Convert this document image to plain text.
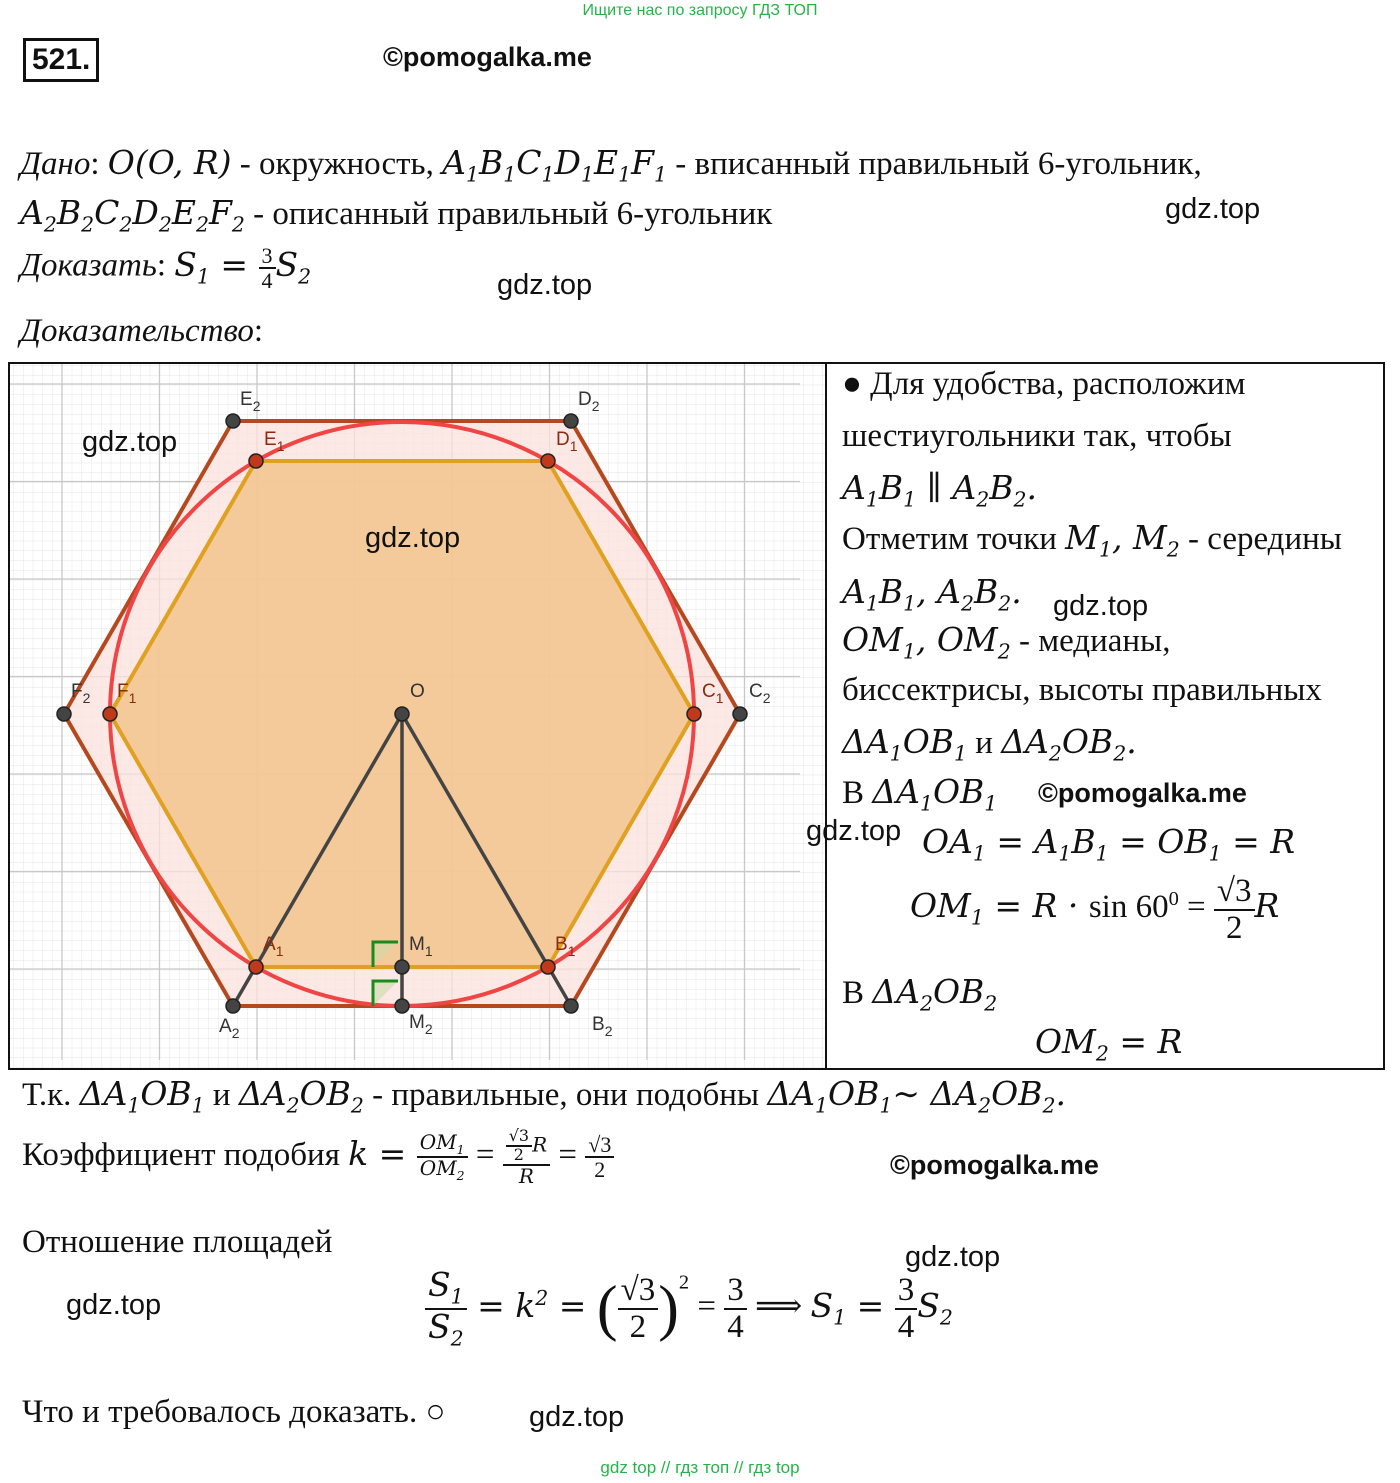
Ищите нас по запросу ГДЗ ТОП
521.	©pomogalka.me
Дано: O(O, R) - окружность, $A_1B_1C_1D_1E_1F_1$ - вписанный правильный 6-угольник,
$A_2B_2C_2D_2E_2F_2$ - описанный правильный 6-угольник	gdz.top
Доказать: $S_1 = \frac{3}{4} S_2$	gdz.top
Доказательство:
$E_2$	$D_2$
$E_1$	$D_1$
$F_2$ $F_1$	O	$C_1$ $C_2$
$A_1$	$M_1$	$B_1$
$A_2$	$M_2$	$B_2$
gdz.top
gdz.top
● Для удобства, расположим
шестиугольники так, чтобы
$A_1B_1$ ∥ $A_2B_2$.
Отметим точки $M_1$, $M_2$ - середины
$A_1B_1$, $A_2B_2$. gdz.top
$OM_1$, $OM_2$ - медианы,
биссектрисы, высоты правильных
$\Delta A_1OB_1$ и $\Delta A_2OB_2$.
В $\Delta A_1OB_1$ ©pomogalka.me
gdz.top $OA_1 = A_1B_1 = OB_1 = R$
$OM_1 = R \cdot \sin 60^0 = \frac{√3}{2}$ R
В $\Delta A_2OB_2$
$OM_2 = R$
Т.к. $\Delta A_1OB_1$ и $\Delta A_2OB_2$ - правильные, они подобны $\Delta A_1OB_1\sim$ $\Delta A_2OB_2$.
Коэффициент подобия $k = \frac{OM_1}{OM_2} = \frac{\frac{√3}{2} R}{R} = \frac{√3}{2}$	©pomogalka.me
Отношение площадей	gdz.top
gdz.top	$\frac{S_1}{S_2} = k^2$ = ( $\frac{√3}{2} )^2 = \frac{3}{4}$ ⟹ $S_1 = \frac{3}{4} S_2$
Что и требовалось доказать. ○	gdz.top
gdz top // гдз топ // гдз top
